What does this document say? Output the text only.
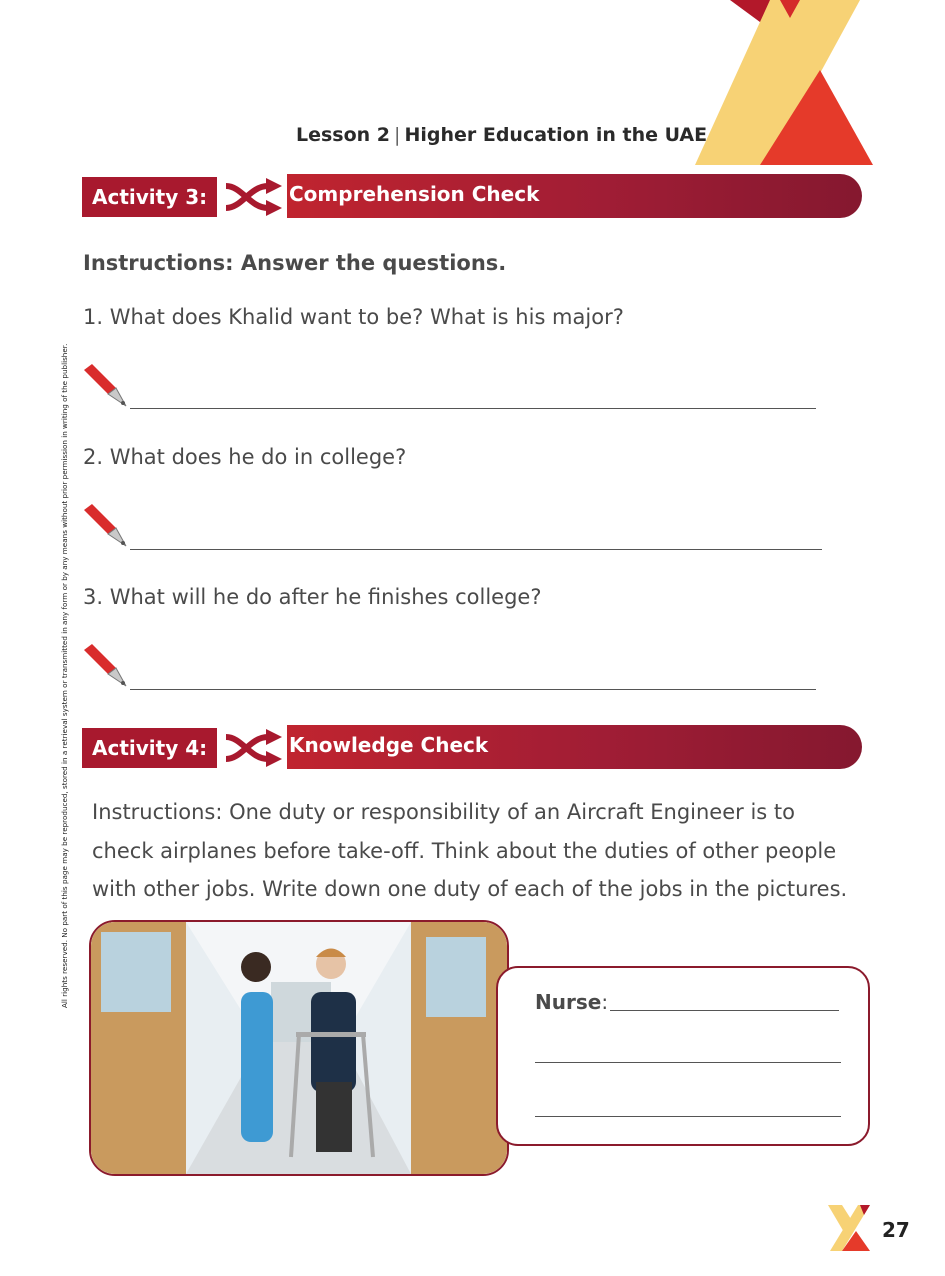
Lesson 2 | Higher Education in the UAE
All rights reserved. No part of this page may be reproduced, stored in a retrieval system or transmitted in any form or by any means without prior permission in writing of the publisher.
Activity 3:	Comprehension Check
Instructions: Answer the questions.
1. What does Khalid want to be? What is his major?
2. What does he do in college?
3. What will he do after he finishes college?
Activity 4:	Knowledge Check
Instructions: One duty or responsibility of an Aircraft Engineer is to check airplanes before take-off. Think about the duties of other people with other jobs. Write down one duty of each of the jobs in the pictures.
Nurse:
27
